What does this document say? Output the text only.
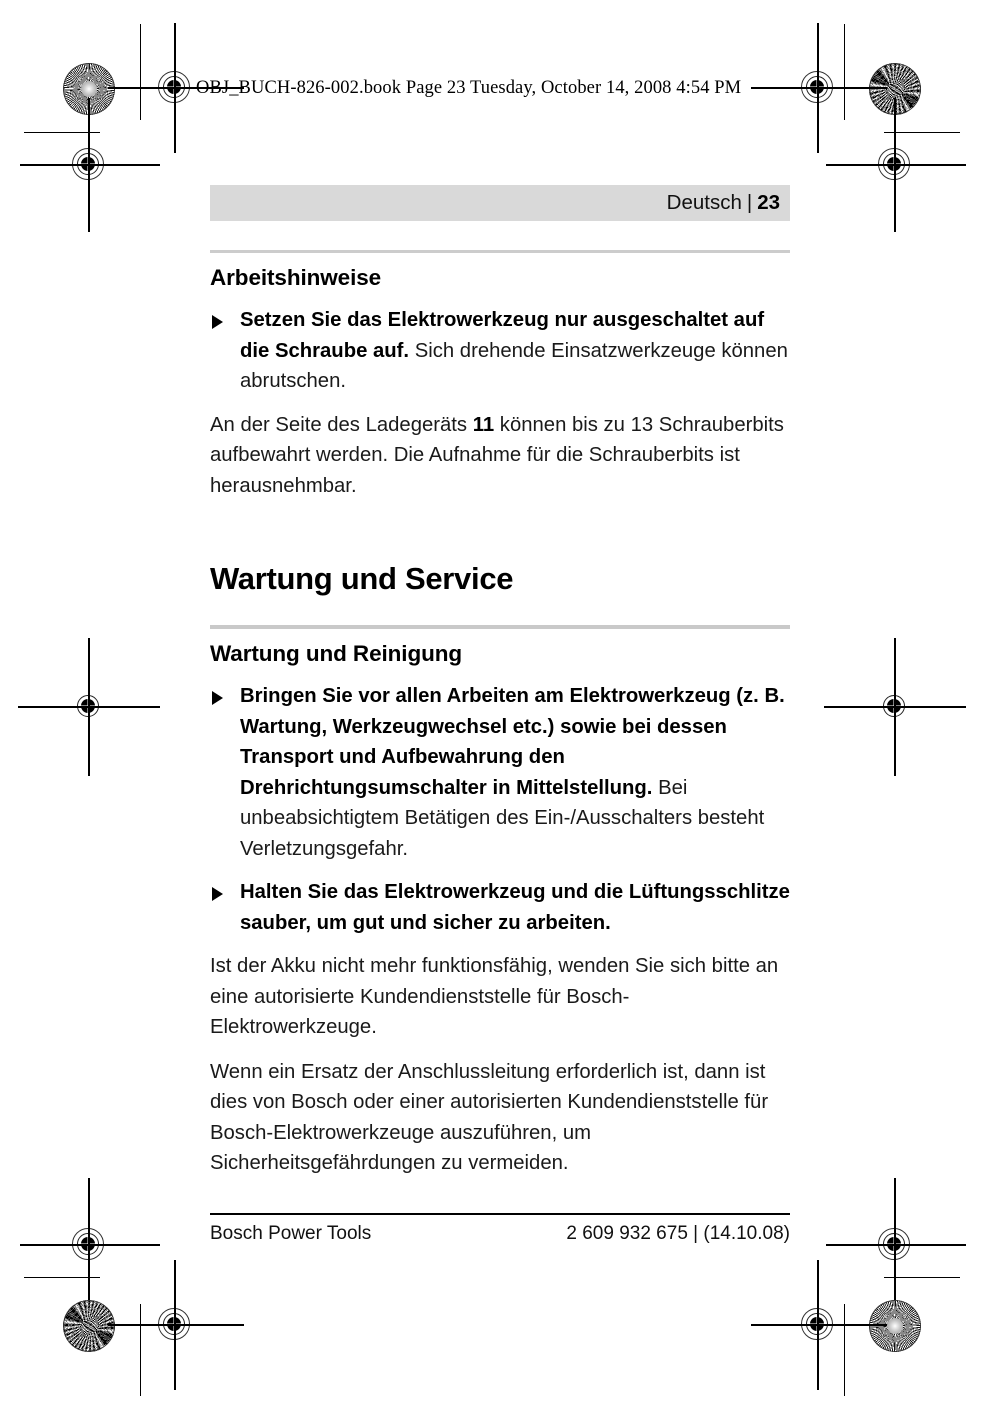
OBJ_BUCH-826-002.book Page 23 Tuesday, October 14, 2008 4:54 PM
Deutsch | 23
Arbeitshinweise
Setzen Sie das Elektrowerkzeug nur ausgeschaltet auf die Schraube auf. Sich drehende Einsatzwerkzeuge können abrutschen.

An der Seite des Ladegeräts 11 können bis zu 13 Schrauberbits aufbewahrt werden. Die Aufnahme für die Schrauberbits ist herausnehmbar.

Wartung und Service
Wartung und Reinigung
Bringen Sie vor allen Arbeiten am Elektrowerkzeug (z. B. Wartung, Werkzeugwechsel etc.) sowie bei dessen Transport und Aufbewahrung den Drehrichtungsumschalter in Mittelstellung. Bei unbeabsichtigtem Betätigen des Ein-/Ausschalters besteht Verletzungsgefahr.
Halten Sie das Elektrowerkzeug und die Lüftungsschlitze sauber, um gut und sicher zu arbeiten.

Ist der Akku nicht mehr funktionsfähig, wenden Sie sich bitte an eine autorisierte Kundendienststelle für Bosch-Elektrowerkzeuge.

Wenn ein Ersatz der Anschlussleitung erforderlich ist, dann ist dies von Bosch oder einer autorisierten Kundendienststelle für Bosch-Elektrowerkzeuge auszuführen, um Sicherheitsgefährdungen zu vermeiden.

Bosch Power Tools	2 609 932 675 | (14.10.08)
